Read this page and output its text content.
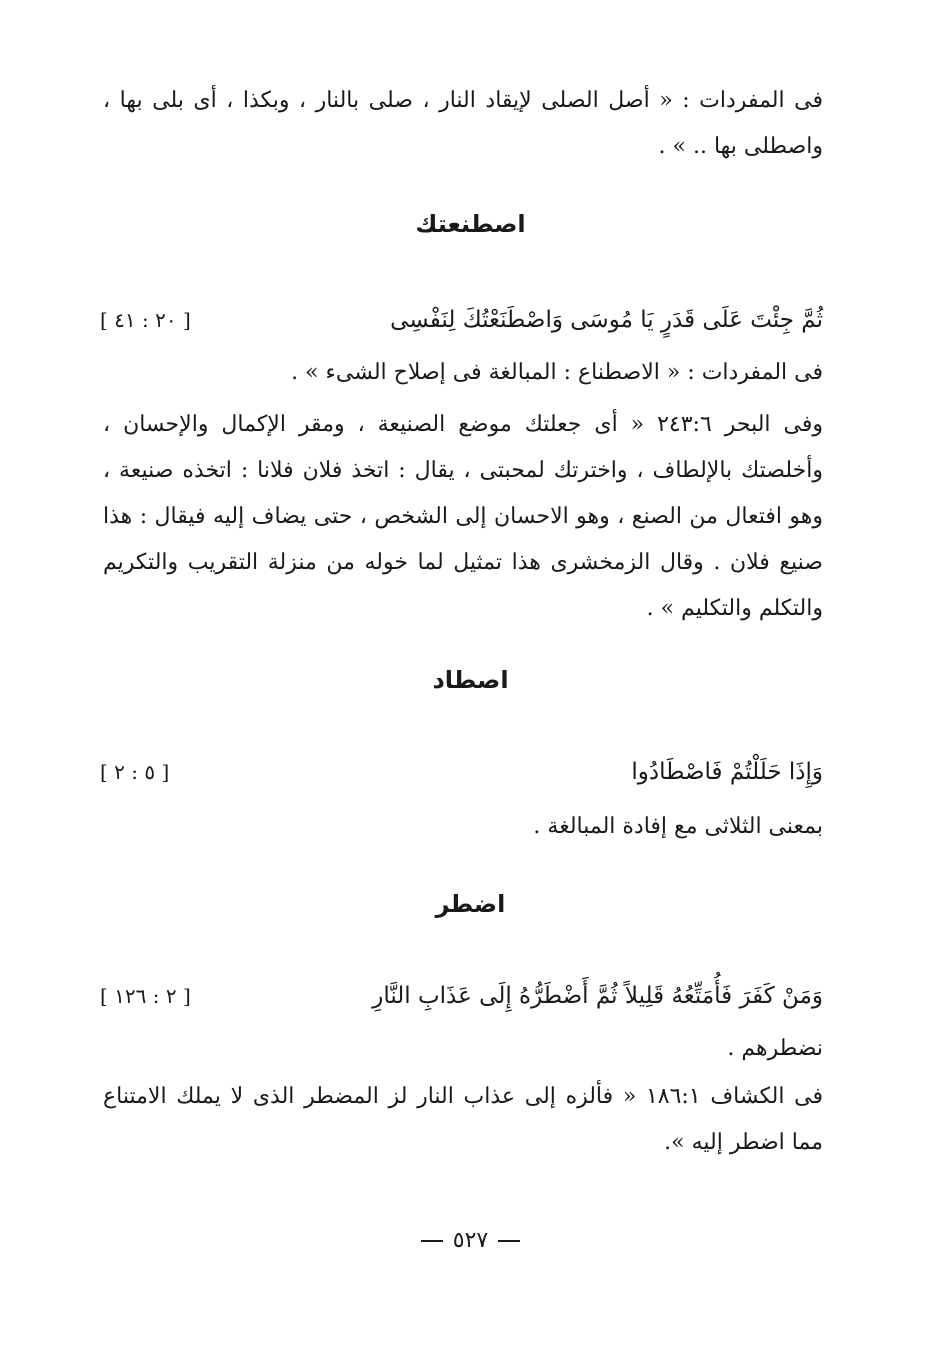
فى المفردات : « أصل الصلى لإيقاد النار ، صلى بالنار ، وبكذا ، أى بلى بها ، واصطلى بها .. » .

اصطنعتك
ثُمَّ جِئْتَ عَلَى قَدَرٍ يَا مُوسَى وَاصْطَنَعْتُكَ لِنَفْسِى
[ ٢٠ : ٤١ ]

فى المفردات : « الاصطناع : المبالغة فى إصلاح الشىء » .

وفى البحر ٢٤٣:٦ « أى جعلتك موضع الصنيعة ، ومقر الإكمال والإحسان ، وأخلصتك بالإلطاف ، واخترتك لمحبتى ، يقال : اتخذ فلان فلانا : اتخذه صنيعة ، وهو افتعال من الصنع ، وهو الاحسان إلى الشخص ، حتى يضاف إليه فيقال : هذا صنيع فلان . وقال الزمخشرى هذا تمثيل لما خوله من منزلة التقريب والتكريم والتكلم والتكليم » .

اصطاد
وَإِذَا حَلَلْتُمْ فَاصْطَادُوا
[ ٥ : ٢ ]

بمعنى الثلاثى مع إفادة المبالغة .

اضطر
وَمَنْ كَفَرَ فَأُمَتِّعُهُ قَلِيلاً ثُمَّ أَضْطَرُّهُ إِلَى عَذَابِ النَّارِ
[ ٢ : ١٢٦ ]

نضطرهم .

فى الكشاف ١٨٦:١ « فألزه إلى عذاب النار لز المضطر الذى لا يملك الامتناع مما اضطر إليه ».

٥٢٧
